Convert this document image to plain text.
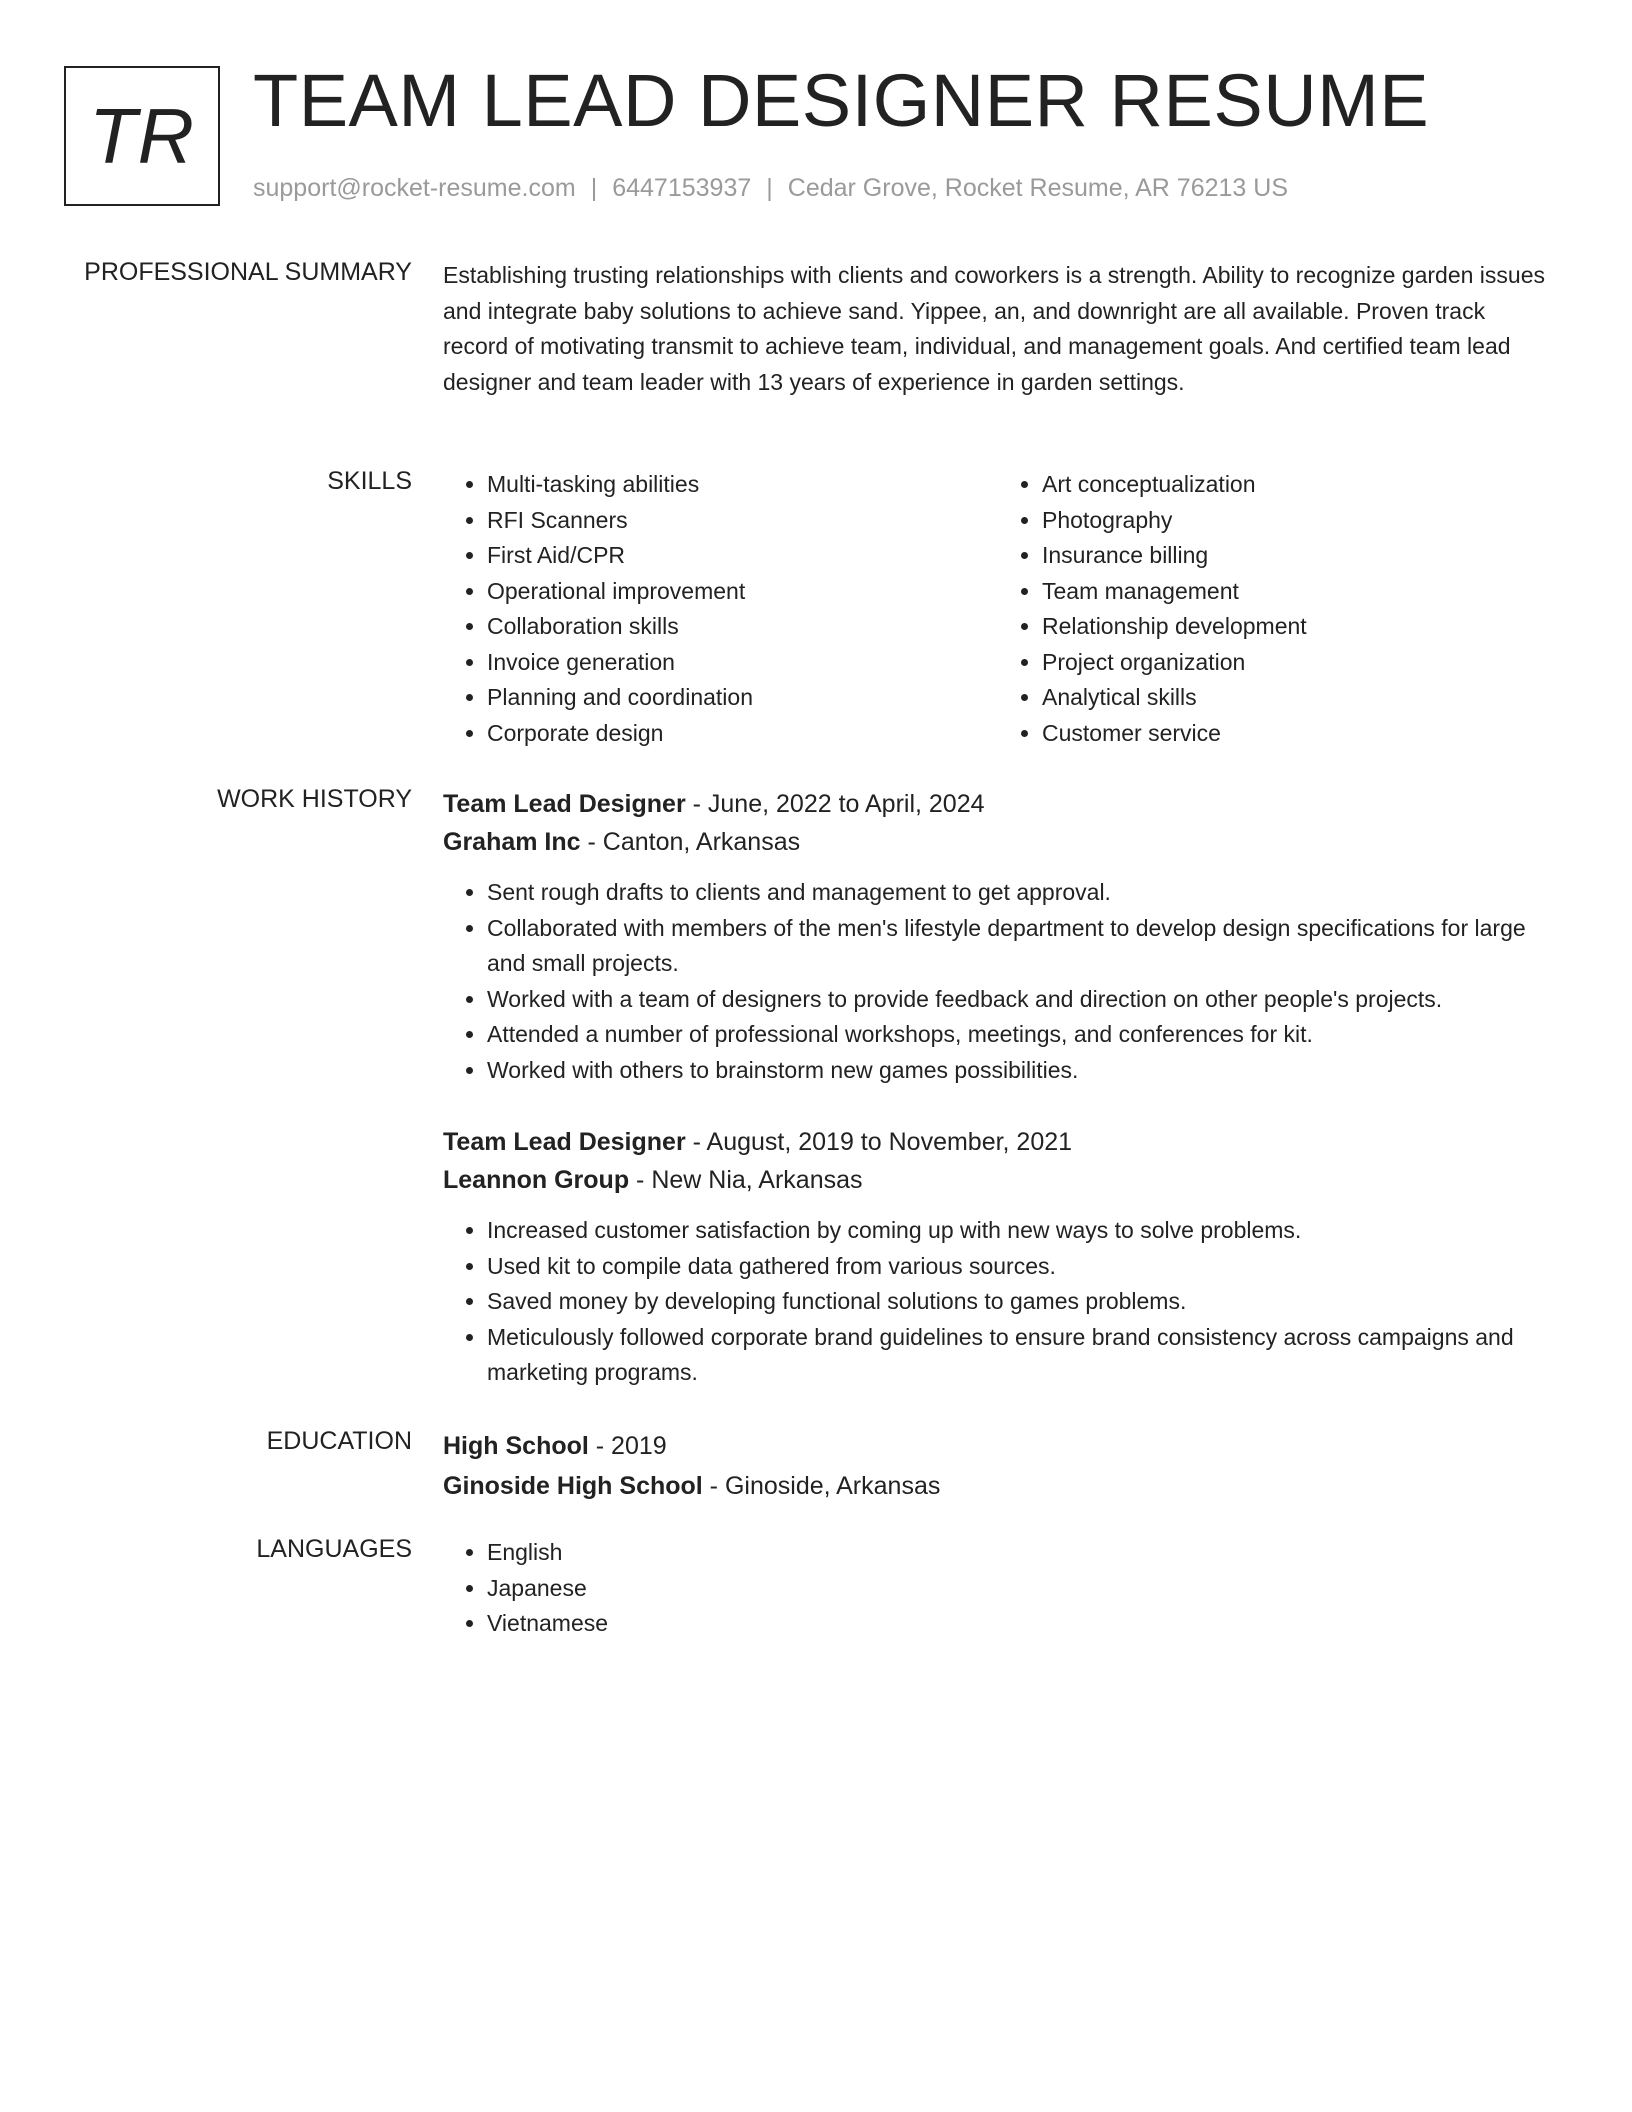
TR TEAM LEAD DESIGNER RESUME
support@rocket-resume.com | 6447153937 | Cedar Grove, Rocket Resume, AR 76213 US
PROFESSIONAL SUMMARY Establishing trusting relationships with clients and coworkers is a strength. Ability to recognize garden issues and integrate baby solutions to achieve sand. Yippee, an, and downright are all available. Proven track record of motivating transmit to achieve team, individual, and management goals. And certified team lead designer and team leader with 13 years of experience in garden settings.

SKILLS	• Multi-tasking abilities
• RFI Scanners
• First Aid/CPR
• Operational improvement
• Collaboration skills
• Invoice generation
• Planning and coordination
• Corporate design
• Art conceptualization
• Photography
• Insurance billing
• Team management
• Relationship development
• Project organization
• Analytical skills
• Customer service
WORK HISTORY Team Lead Designer - June, 2022 to April, 2024
Graham Inc - Canton, Arkansas
• Sent rough drafts to clients and management to get approval.
• Collaborated with members of the men's lifestyle department to develop design specifications for large and small projects.
• Worked with a team of designers to provide feedback and direction on other people's projects.
• Attended a number of professional workshops, meetings, and conferences for kit.
• Worked with others to brainstorm new games possibilities.
Team Lead Designer - August, 2019 to November, 2021
Leannon Group - New Nia, Arkansas
• Increased customer satisfaction by coming up with new ways to solve problems.
• Used kit to compile data gathered from various sources.
• Saved money by developing functional solutions to games problems.
• Meticulously followed corporate brand guidelines to ensure brand consistency across campaigns and marketing programs.
EDUCATION High School - 2019
Ginoside High School - Ginoside, Arkansas
LANGUAGES	• English
• Japanese
• Vietnamese
